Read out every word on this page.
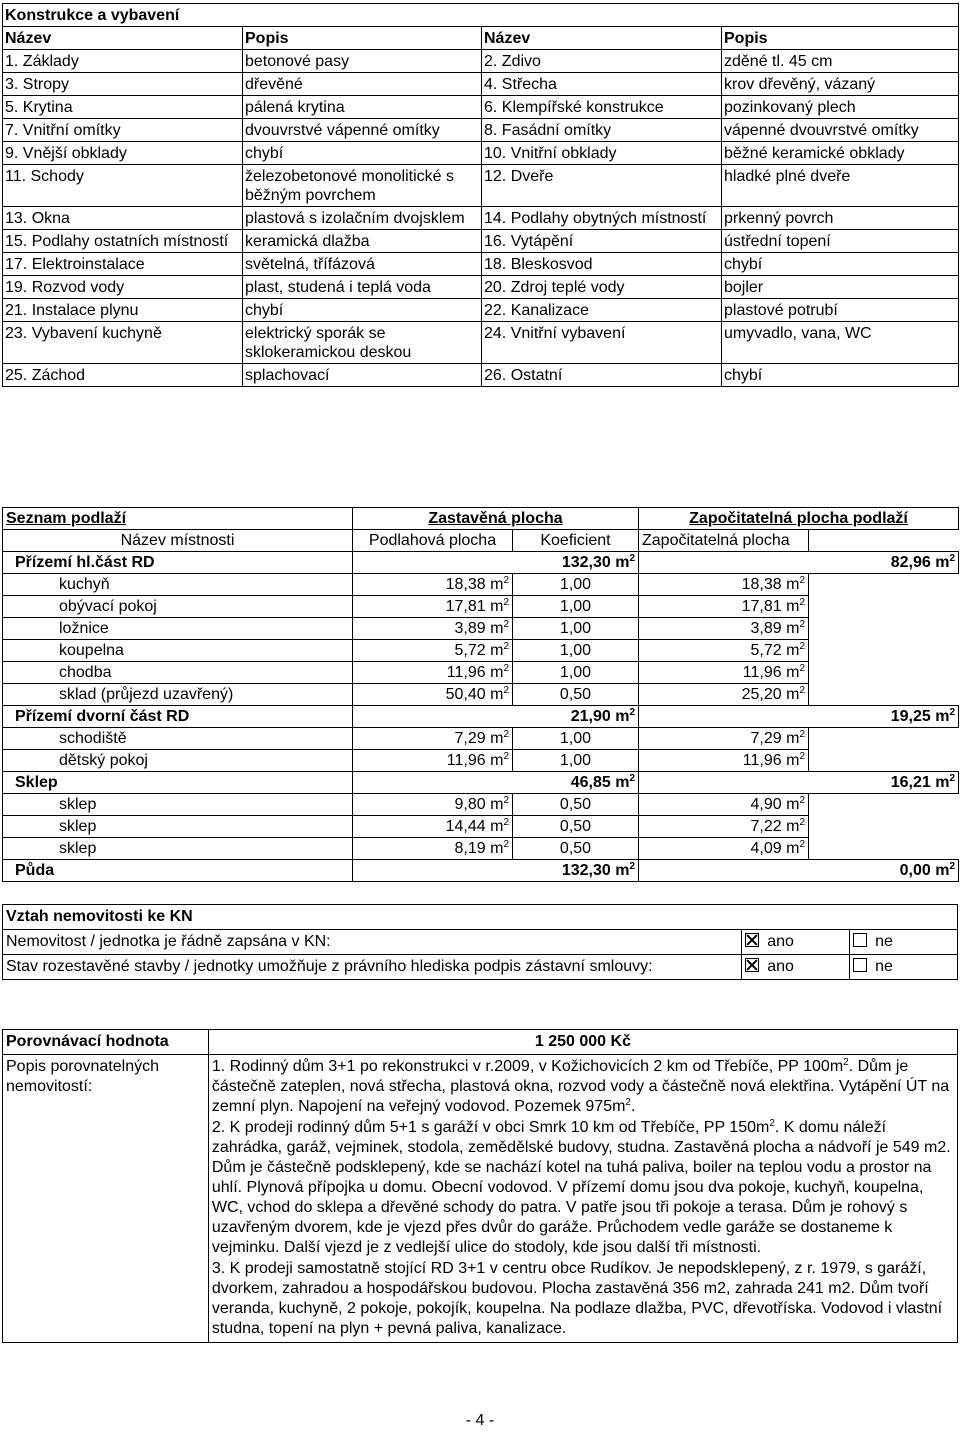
Konstrukce a vybavení			
Název	Popis	Název	Popis
1. Základy	betonové pasy	2. Zdivo	zděné tl. 45 cm
3. Stropy	dřevěné	4. Střecha	krov dřevěný, vázaný
5. Krytina	pálená krytina	6. Klempířské konstrukce	pozinkovaný plech
7. Vnitřní omítky	dvouvrstvé vápenné omítky	8. Fasádní omítky	vápenné dvouvrstvé omítky
9. Vnější obklady	chybí	10. Vnitřní obklady	běžné keramické obklady
11. Schody	železobetonové monolitické s běžným povrchem	12. Dveře	hladké plné dveře
13. Okna	plastová s izolačním dvojsklem	14. Podlahy obytných místností	prkenný povrch
15. Podlahy ostatních místností	keramická dlažba	16. Vytápění	ústřední topení
17. Elektroinstalace	světelná, třífázová	18. Bleskosvod	chybí
19. Rozvod vody	plast, studená i teplá voda	20. Zdroj teplé vody	bojler
21. Instalace plynu	chybí	22. Kanalizace	plastové potrubí
23. Vybavení kuchyně	elektrický sporák se sklokeramickou deskou	24. Vnitřní vybavení	umyvadlo, vana, WC
25. Záchod	splachovací	26. Ostatní	chybí
Seznam podlaží	Zastavěná plocha		Započitatelná plocha podlaží	
Název místnosti	Podlahová plocha	Koeficient	Započitatelná plocha	
Přízemí hl.část RD	132,30 $m^2$		82,96 $m^2$
kuchyň	18,38 $m^2$	1,00	18,38 $m^2$	
obývací pokoj	17,81 $m^2$	1,00	17,81 $m^2$	
ložnice	3,89 $m^2$	1,00	3,89 $m^2$	
koupelna	5,72 $m^2$	1,00	5,72 $m^2$	
chodba	11,96 $m^2$	1,00	11,96 $m^2$	
sklad (průjezd uzavřený)	50,40 $m^2$	0,50	25,20 $m^2$	
Přízemí dvorní část RD	21,90 $m^2$		19,25 $m^2$
schodiště	7,29 $m^2$	1,00	7,29 $m^2$	
dětský pokoj	11,96 $m^2$	1,00	11,96 $m^2$	
Sklep	46,85 $m^2$		16,21 $m^2$
sklep	9,80 $m^2$	0,50	4,90 $m^2$	
sklep	14,44 $m^2$	0,50	7,22 $m^2$	
sklep	8,19 $m^2$	0,50	4,09 $m^2$	
Půda	132,30 $m^2$		0,00 $m^2$
Vztah nemovitosti ke KN		
Nemovitost / jednotka je řádně zapsána v KN:	ano	ne
Stav rozestavěné stavby / jednotky umožňuje z právního hlediska podpis zástavní smlouvy:	ano	ne
Porovnávací hodnota	1 250 000 Kč
Popis porovnatelných nemovitostí:	1. Rodinný dům 3+1 po rekonstrukci v r.2009, v Kožichovicích 2 km od Třebíče, PP $100m^2$. Dům je částečně zateplen, nová střecha, plastová okna, rozvod vody a částečně nová elektřina. Vytápění ÚT na zemní plyn. Napojení na veřejný vodovod. Pozemek $975m^2$.

2. K prodeji rodinný dům 5+1 s garáží v obci Smrk 10 km od Třebíče, PP $150m^2$. K domu náleží zahrádka, garáž, vejminek, stodola, zemědělské budovy, studna. Zastavěná plocha a nádvoří je 549 m2. Dům je částečně podsklepený, kde se nachází kotel na tuhá paliva, boiler na teplou vodu a prostor na uhlí. Plynová přípojka u domu. Obecní vodovod. V přízemí domu jsou dva pokoje, kuchyň, koupelna, WC, vchod do sklepa a dřevěné schody do patra. V patře jsou tři pokoje a terasa. Dům je rohový s uzavřeným dvorem, kde je vjezd přes dvůr do garáže. Průchodem vedle garáže se dostaneme k vejminku. Další vjezd je z vedlejší ulice do stodoly, kde jsou další tři místnosti.

3. K prodeji samostatně stojící RD 3+1 v centru obce Rudíkov. Je nepodsklepený, z r. 1979, s garáží, dvorkem, zahradou a hospodářskou budovou. Plocha zastavěná 356 m2, zahrada 241 m2. Dům tvoří veranda, kuchyně, 2 pokoje, pokojík, koupelna. Na podlaze dlažba, PVC, dřevotříska. Vodovod i vlastní studna, topení na plyn + pevná paliva, kanalizace.

- 4 -
